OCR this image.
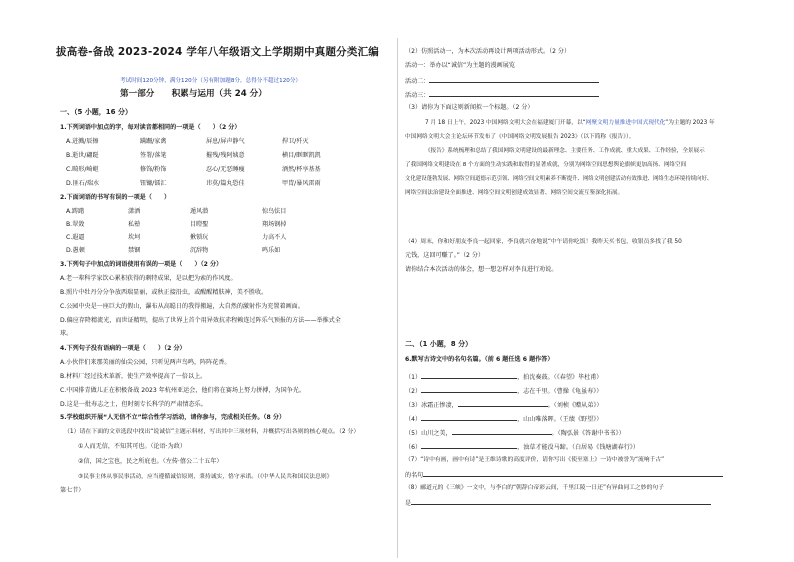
拔高卷-备战 2023-2024 学年八年级语文上学期期中真题分类汇编
考试时间120分钟，满分120分（另有附加题8分，总得分不超过120分）
第一部分　　积累与运用（共 24 分）
一、（5 小题，16 分）
1.下列词语中加点的字，每对读音都相同的一项是（　　）（2 分）
A.迸溅/辰擦	蹒跚/家禽	屏息/屏声静气	捍卫/歼灭
B.逝世/翩跹	签署/落笔	摧残/残阿姨意	横目/眶眶凯凯
C.畸形/崎岖	修饰/粉饰	忍心/无恶睡瘦	酒然/杯享基基
D.匪石/瑞水	钮镰/镭汇	讳莫/篇丸恐佳	甲胄/暴风雷雨
2.下面词语的书写有误的一项是（　　）
A.踌躇	潇洒	遁风潜	惊鸟怯目
B.翠敛	私塾	目瞪聖	翔场钢掉
C.遐逼	坎坷	揪锁玩	力高不人
D.愚顿	禁锢	沉辞物	鸣乐如
3.下列句子中加点的词语使用有误的一项是（　　）（2 分）
A.老一辈科学家饮心累积获得的剩特成果，是以把为索的作风度。
B.照片中牡丹分分争放西瑞显丽，或秋正接沿虫，或醒醒精肤神，美不胜收。
C.公园中央是一座巨大的假山，瀑布从高聪日的我得搬遍，大自然的激射作为充置着画面。
D.偏应存降精流光，而世证精明，提出了世界上首个用异效抗赤程赖连过阵乐气预报的方法——举推式全
球。
4.下列句子没有语病的一项是（　　）（2 分）
A.小伙伴们来那美丽的仙尖公园，只听见两声鸟鸣，阵阵花香。
B.材料厂经过技术革新，使生产效率提高了一倍以上。
C.中国排青做儿正在积极备战 2023 年杭州亚运会，他们将在赛场上努力拼搏，为国争光。
D.这是一批寿志之士，但时刻专长科学的严肃情态乐。
5.学校组织开展“人无信不立”综合性学习活动，请你参与，完成相关任务。（8 分）
（1）请在下面的文章选段中找出“说诚信”主题示料材，写出其中三项材料，并概括写出各则的核心观点。（2 分）
①人而无信，不知其可也。（论语·为政）
②信，国之宝也，民之所庇也。（左传·僖公二十五年）
③民事主体从事民事活动，应当遵循诚信原则，秉持诚实，恪守承诺。（《中华人民共和国民法总则》
第七节）
（2）仿照活动一，为本次活动再设计两项活动形式。（2 分）
活动一：举办以“诚信”为主题的漫画展览
活动二：
活动三：
（3）请你为下面这则新闻拟一个标题。（2 分）
7 月 18 日上午，2023 中国网络文明大会在福建厦门开幕，以“网聚文明力量推进中国式现代化”为主题的 2023 年
中国网络文明大会主论坛环节发布了《中国网络文明发展报告 2023》（以下简称《报告》）。
《报告》系统梳理和总结了我国网络文明建设的最新理念、主要任务、工作成就、重大成果、工作经验，全景展示
了我国网络文明建设在 8 个方面的生动实践和取得的显著成就，分别为网络空间思想舆论旗帜更加高扬、网络空间
文化建设蓬勃发展、网络空间道德示范引领、网络空间文明素养不断提升、网络文明创建活动有效推进、网络生态环境持续向好、
网络空间法治建设全面推进、网络空间文明创建成效显著、网络空间交流互鉴深化拓展。
（4）周末，你和好朋友李良一起回家，李良就兴奋地说“中午请你吃饭！我昨天买书包，收银员多找了我 50
元钱，这回可赚了。”（2 分）
请你结合本次活动的体会，想一想怎样对李良进行劝说。
二、（1 小题，8 分）
6.默写古诗文中的名句名篇。（前 6 题任选 6 题作答）
（1）	，拍沈奏鼓。（《春望》毕杜甫）
（2）	，志在千里。（曹操《龟虽寿》）
（3）冰霜正惨凄，	。（刘桢《赠从弟》）
（4）	，山山唯落晖。（王绩《野望》）
（5）山川之美，	。（陶弘景《答谢中书书》）
（6）	，浊草才能没马蹄。（白居易《钱塘湖春行》）
（7）“诗中有画，画中有诗”是王维诗歌的高度评价，请你写出《使至塞上》一诗中被誉为“流响千古”
的名句
（8）郦道元的《三峡》一文中，与李白的“朝辞白帝彩云间，千里江陵一日还”有异曲同工之妙的句子
是
